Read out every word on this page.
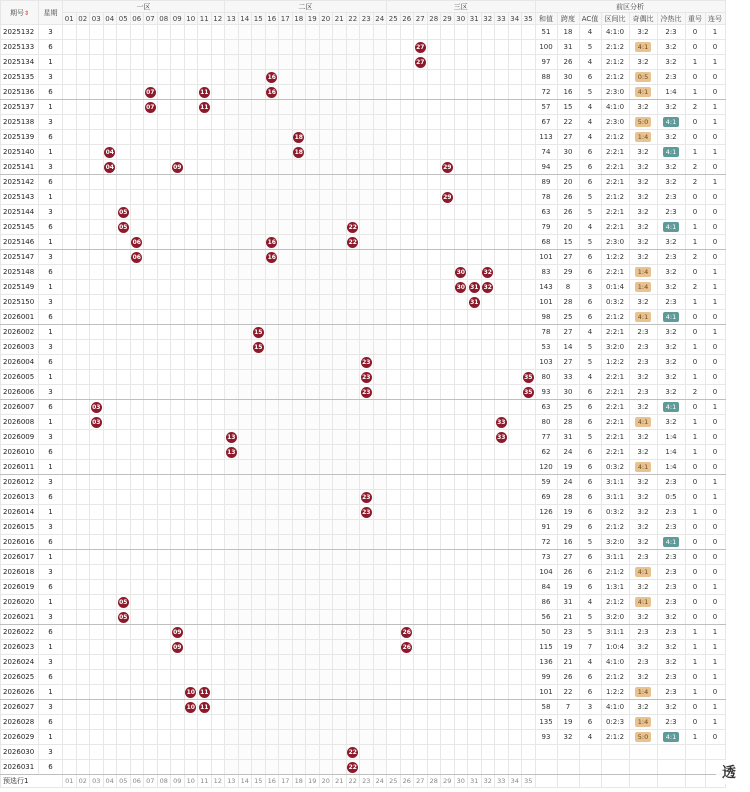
期号⇕	星期	一区												二区												三区											前区分析							
		01	02	03	04	05	06	07	08	09	10	11	12	13	14	15	16	17	18	19	20	21	22	23	24	25	26	27	28	29	30	31	32	33	34	35	和值	跨度	AC值	区间比	奇偶比	冷热比	重号	连号
2025132	3																																				51	18	4	4:1:0	3:2	2:3	0	1
2025133	6																											27									100	31	5	2:1:2	4:1	3:2	0	0
2025134	1																											27									97	26	4	2:1:2	3:2	3:2	1	1
2025135	3																16																				88	30	6	2:1:2	0:5	2:3	0	0
2025136	6							07				11					16																				72	16	5	2:3:0	4:1	1:4	1	0
2025137	1							07				11																									57	15	4	4:1:0	3:2	3:2	2	1
2025138	3																																				67	22	4	2:3:0	5:0	4:1	0	1
2025139	6																		18																		113	27	4	2:1:2	1:4	3:2	0	0
2025140	1				04														18																		74	30	6	2:2:1	3:2	4:1	1	1
2025141	3				04					09																				29							94	25	6	2:2:1	3:2	3:2	2	0
2025142	6																																				89	20	6	2:2:1	3:2	3:2	2	1
2025143	1																													29							78	26	5	2:1:2	3:2	2:3	0	0
2025144	3					05																															63	26	5	2:2:1	3:2	2:3	0	0
2025145	6					05																	22														79	20	4	2:2:1	3:2	4:1	1	0
2025146	1						06										16						22														68	15	5	2:3:0	3:2	3:2	1	0
2025147	3						06										16																				101	27	6	1:2:2	3:2	2:3	2	0
2025148	6																														30		32				83	29	6	2:2:1	1:4	3:2	0	1
2025149	1																														30	31	32				143	8	3	0:1:4	1:4	3:2	2	1
2025150	3																															31					101	28	6	0:3:2	3:2	2:3	1	1
2026001	6																																				98	25	6	2:1:2	4:1	4:1	0	0
2026002	1															15																					78	27	4	2:2:1	2:3	3:2	0	1
2026003	3															15																					53	14	5	3:2:0	2:3	3:2	1	0
2026004	6																							23													103	27	5	1:2:2	2:3	3:2	0	0
2026005	1																							23												35	80	33	4	2:2:1	3:2	3:2	1	0
2026006	3																							23												35	93	30	6	2:2:1	2:3	3:2	2	0
2026007	6			03																																	63	25	6	2:2:1	3:2	4:1	0	1
2026008	1			03																														33			80	28	6	2:2:1	4:1	3:2	1	0
2026009	3													13																				33			77	31	5	2:2:1	3:2	1:4	1	0
2026010	6													13																							62	24	6	2:2:1	3:2	1:4	1	0
2026011	1																																				120	19	6	0:3:2	4:1	1:4	0	0
2026012	3																																				59	24	6	3:1:1	3:2	2:3	0	1
2026013	6																							23													69	28	6	3:1:1	3:2	0:5	0	1
2026014	1																							23													126	19	6	0:3:2	3:2	2:3	1	0
2026015	3																																				91	29	6	2:1:2	3:2	2:3	0	0
2026016	6																																				72	16	5	3:2:0	3:2	4:1	0	0
2026017	1																																				73	27	6	3:1:1	2:3	2:3	0	0
2026018	3																																				104	26	6	2:1:2	4:1	2:3	0	0
2026019	6																																				84	19	6	1:3:1	3:2	2:3	0	1
2026020	1					05																															86	31	4	2:1:2	4:1	2:3	0	0
2026021	3					05																															56	21	5	3:2:0	3:2	3:2	0	0
2026022	6									09																	26										50	23	5	3:1:1	2:3	2:3	1	1
2026023	1									09																	26										115	19	7	1:0:4	3:2	3:2	1	1
2026024	3																																				136	21	4	4:1:0	2:3	3:2	1	1
2026025	6																																				99	26	6	2:1:2	3:2	2:3	0	1
2026026	1										10	11																									101	22	6	1:2:2	1:4	2:3	1	0
2026027	3										10	11																									58	7	3	4:1:0	3:2	3:2	0	1
2026028	6																																				135	19	6	0:2:3	1:4	2:3	0	1
2026029	1																																				93	32	4	2:1:2	5:0	4:1	1	0
2026030	3																						22																					
2026031	6																						22																					
预选行1		01	02	03	04	05	06	07	08	09	10	11	12	13	14	15	16	17	18	19	20	21	22	23	24	25	26	27	28	29	30	31	32	33	34	35									透
